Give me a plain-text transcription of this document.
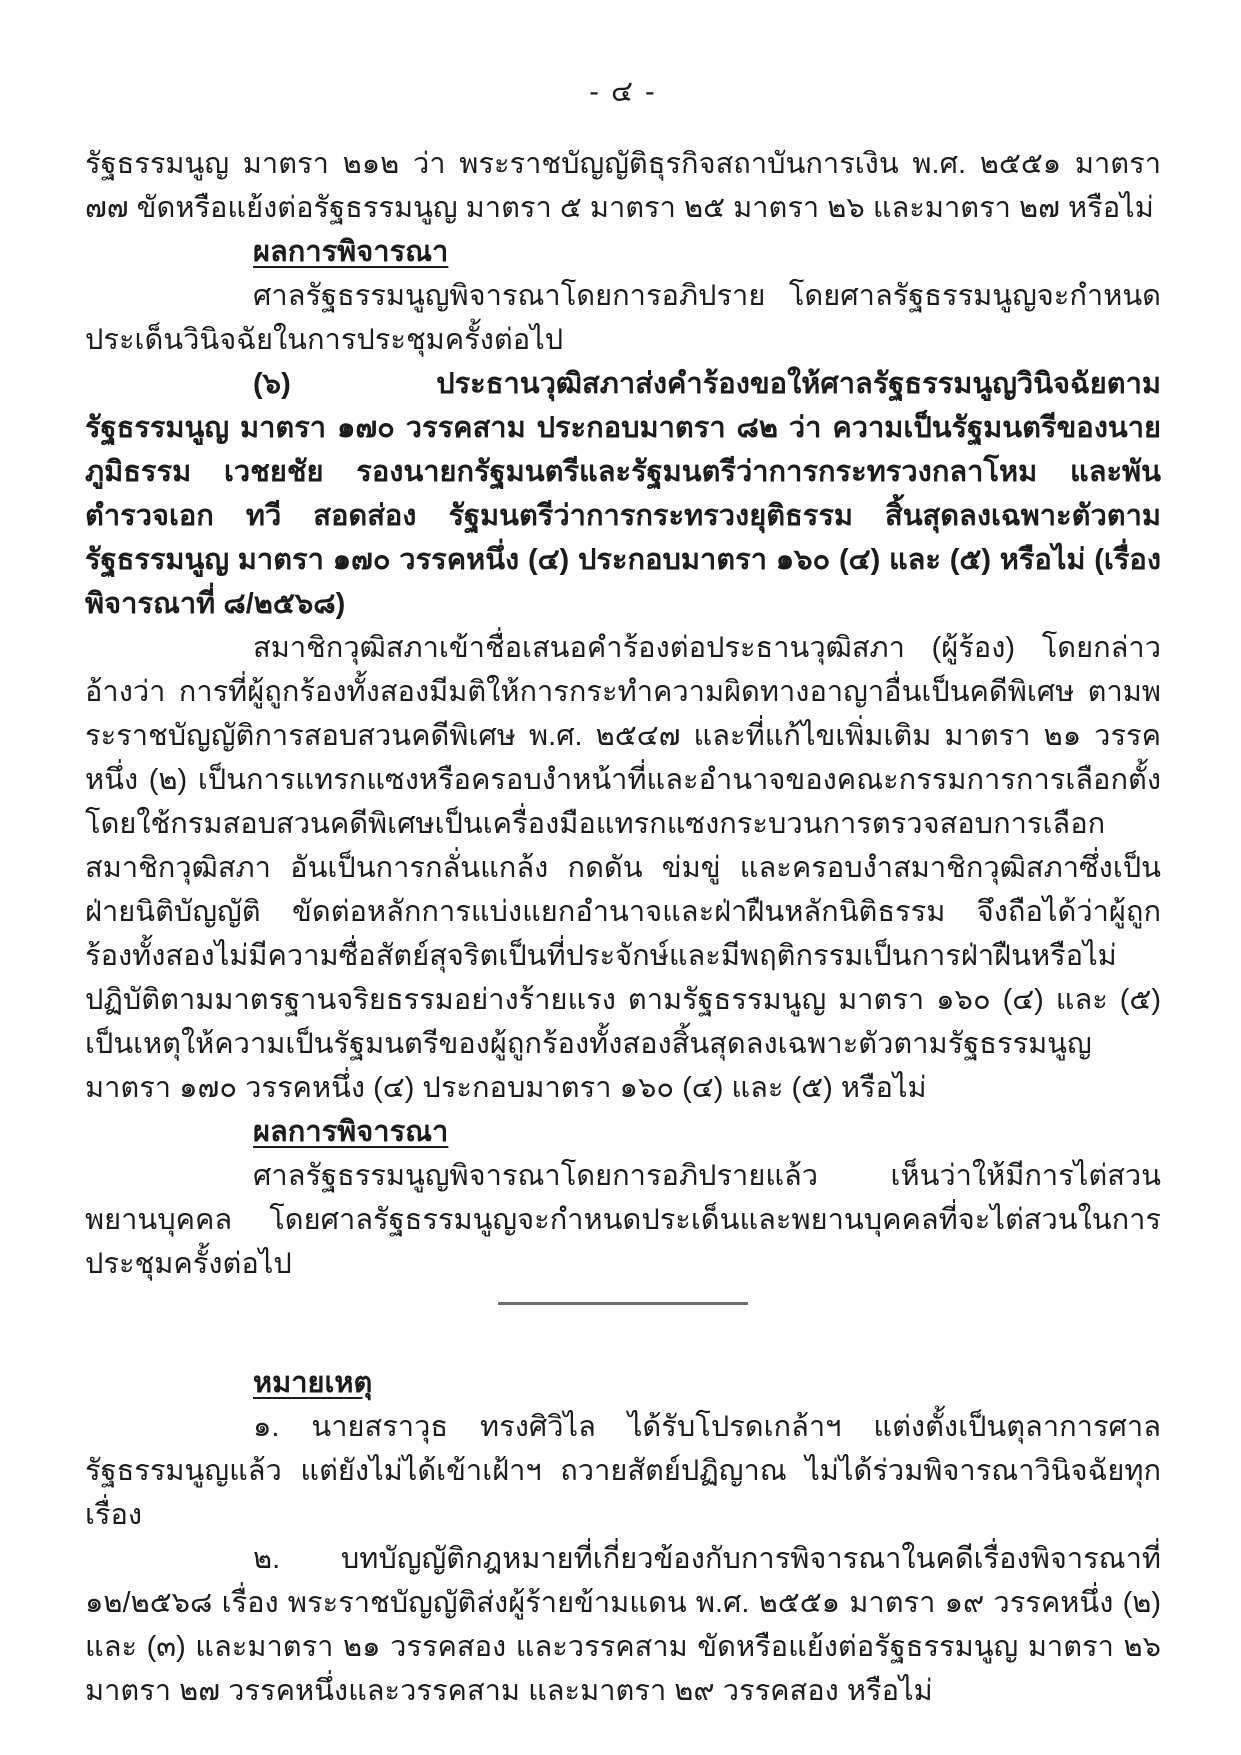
- ๔ -

รัฐธรรมนูญ มาตรา ๒๑๒ ว่า พระราชบัญญัติธุรกิจสถาบันการเงิน พ.ศ. ๒๕๕๑ มาตรา ๗๗ ขัดหรือแย้งต่อรัฐธรรมนูญ มาตรา ๕ มาตรา ๒๕ มาตรา ๒๖ และมาตรา ๒๗ หรือไม่

ผลการพิจารณา

ศาลรัฐธรรมนูญพิจารณาโดยการอภิปราย โดยศาลรัฐธรรมนูญจะกำหนดประเด็นวินิจฉัยในการประชุมครั้งต่อไป

(๖) ประธานวุฒิสภาส่งคำร้องขอให้ศาลรัฐธรรมนูญวินิจฉัยตามรัฐธรรมนูญ มาตรา ๑๗๐ วรรคสาม ประกอบมาตรา ๘๒ ว่า ความเป็นรัฐมนตรีของนายภูมิธรรม เวชยชัย รองนายกรัฐมนตรีและรัฐมนตรีว่าการกระทรวงกลาโหม และพันตำรวจเอก ทวี สอดส่อง รัฐมนตรีว่าการกระทรวงยุติธรรม สิ้นสุดลงเฉพาะตัวตามรัฐธรรมนูญ มาตรา ๑๗๐ วรรคหนึ่ง (๔) ประกอบมาตรา ๑๖๐ (๔) และ (๕) หรือไม่ (เรื่องพิจารณาที่ ๘/๒๕๖๘)

สมาชิกวุฒิสภาเข้าชื่อเสนอคำร้องต่อประธานวุฒิสภา (ผู้ร้อง) โดยกล่าวอ้างว่า การที่ผู้ถูกร้องทั้งสองมีมติให้การกระทำความผิดทางอาญาอื่นเป็นคดีพิเศษ ตามพระราชบัญญัติการสอบสวนคดีพิเศษ พ.ศ. ๒๕๔๗ และที่แก้ไขเพิ่มเติม มาตรา ๒๑ วรรคหนึ่ง (๒) เป็นการแทรกแซงหรือครอบงำหน้าที่และอำนาจของคณะกรรมการการเลือกตั้ง โดยใช้กรมสอบสวนคดีพิเศษเป็นเครื่องมือแทรกแซงกระบวนการตรวจสอบการเลือกสมาชิกวุฒิสภา อันเป็นการกลั่นแกล้ง กดดัน ข่มขู่ และครอบงำสมาชิกวุฒิสภาซึ่งเป็นฝ่ายนิติบัญญัติ ขัดต่อหลักการแบ่งแยกอำนาจและฝ่าฝืนหลักนิติธรรม จึงถือได้ว่าผู้ถูกร้องทั้งสองไม่มีความซื่อสัตย์สุจริตเป็นที่ประจักษ์และมีพฤติกรรมเป็นการฝ่าฝืนหรือไม่ปฏิบัติตามมาตรฐานจริยธรรมอย่างร้ายแรง ตามรัฐธรรมนูญ มาตรา ๑๖๐ (๔) และ (๕) เป็นเหตุให้ความเป็นรัฐมนตรีของผู้ถูกร้องทั้งสองสิ้นสุดลงเฉพาะตัวตามรัฐธรรมนูญ มาตรา ๑๗๐ วรรคหนึ่ง (๔) ประกอบมาตรา ๑๖๐ (๔) และ (๕) หรือไม่

ผลการพิจารณา

ศาลรัฐธรรมนูญพิจารณาโดยการอภิปรายแล้ว เห็นว่าให้มีการไต่สวนพยานบุคคล โดยศาลรัฐธรรมนูญจะกำหนดประเด็นและพยานบุคคลที่จะไต่สวนในการประชุมครั้งต่อไป

หมายเหตุ

๑. นายสราวุธ ทรงศิวิไล ได้รับโปรดเกล้าฯ แต่งตั้งเป็นตุลาการศาลรัฐธรรมนูญแล้ว แต่ยังไม่ได้เข้าเฝ้าฯ ถวายสัตย์ปฏิญาณ ไม่ได้ร่วมพิจารณาวินิจฉัยทุกเรื่อง

๒. บทบัญญัติกฎหมายที่เกี่ยวข้องกับการพิจารณาในคดีเรื่องพิจารณาที่ ๑๒/๒๕๖๘ เรื่อง พระราชบัญญัติส่งผู้ร้ายข้ามแดน พ.ศ. ๒๕๕๑ มาตรา ๑๙ วรรคหนึ่ง (๒) และ (๓) และมาตรา ๒๑ วรรคสอง และวรรคสาม ขัดหรือแย้งต่อรัฐธรรมนูญ มาตรา ๒๖ มาตรา ๒๗ วรรคหนึ่งและวรรคสาม และมาตรา ๒๙ วรรคสอง หรือไม่
